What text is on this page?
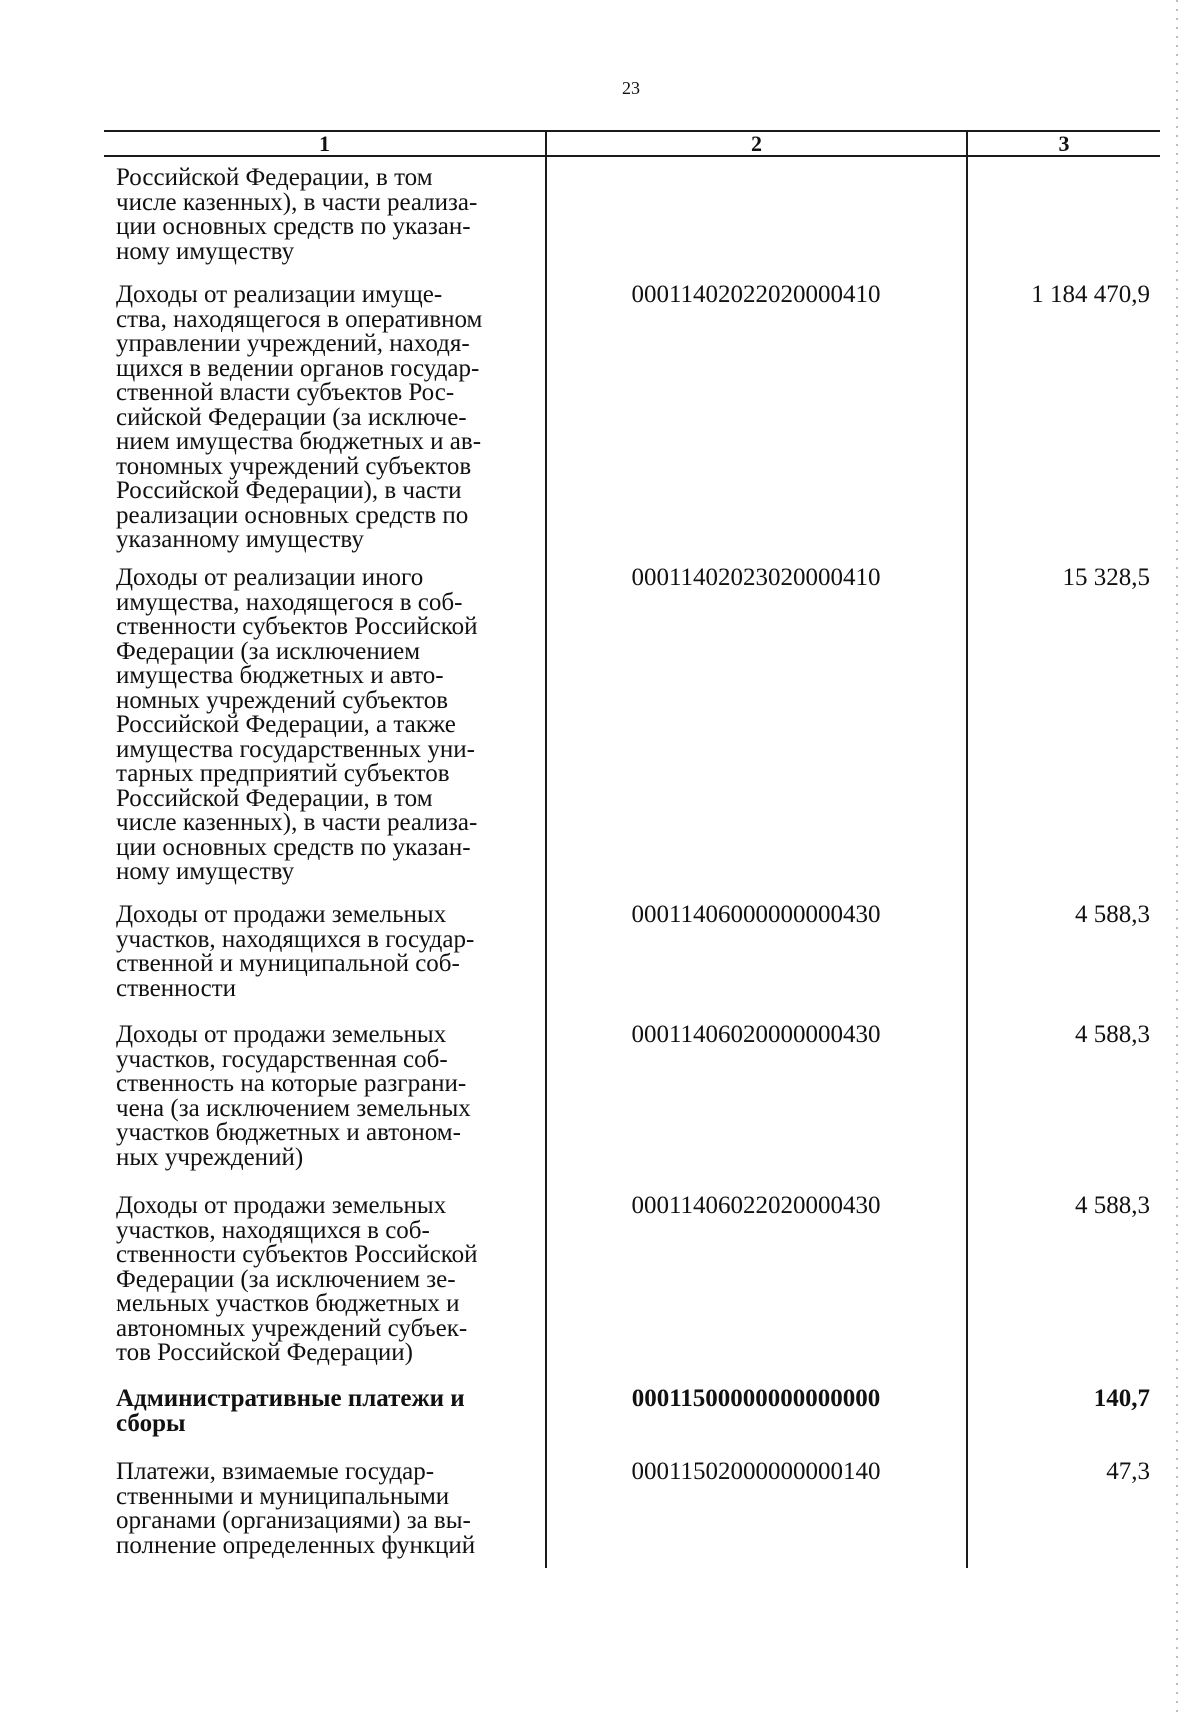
23
1	2	3
Российской Федерации, в том
числе казенных), в части реализа-
ции основных средств по указан-
ному имуществу
Доходы от реализации имуще-
ства, находящегося в оперативном
управлении учреждений, находя-
щихся в ведении органов государ-
ственной власти субъектов Рос-
сийской Федерации (за исключе-
нием имущества бюджетных и ав-
тономных учреждений субъектов
Российской Федерации), в части
реализации основных средств по
указанному имуществу
00011402022020000410	1 184 470,9
Доходы от реализации иного
имущества, находящегося в соб-
ственности субъектов Российской
Федерации (за исключением
имущества бюджетных и авто-
номных учреждений субъектов
Российской Федерации, а также
имущества государственных уни-
тарных предприятий субъектов
Российской Федерации, в том
числе казенных), в части реализа-
ции основных средств по указан-
ному имуществу
00011402023020000410	15 328,5
Доходы от продажи земельных
участков, находящихся в государ-
ственной и муниципальной соб-
ственности
00011406000000000430	4 588,3
Доходы от продажи земельных
участков, государственная соб-
ственность на которые разграни-
чена (за исключением земельных
участков бюджетных и автоном-
ных учреждений)
00011406020000000430	4 588,3
Доходы от продажи земельных
участков, находящихся в соб-
ственности субъектов Российской
Федерации (за исключением зе-
мельных участков бюджетных и
автономных учреждений субъек-
тов Российской Федерации)
00011406022020000430	4 588,3
Административные платежи и
сборы
00011500000000000000	140,7
Платежи, взимаемые государ-
ственными и муниципальными
органами (организациями) за вы-
полнение определенных функций
00011502000000000140	47,3
